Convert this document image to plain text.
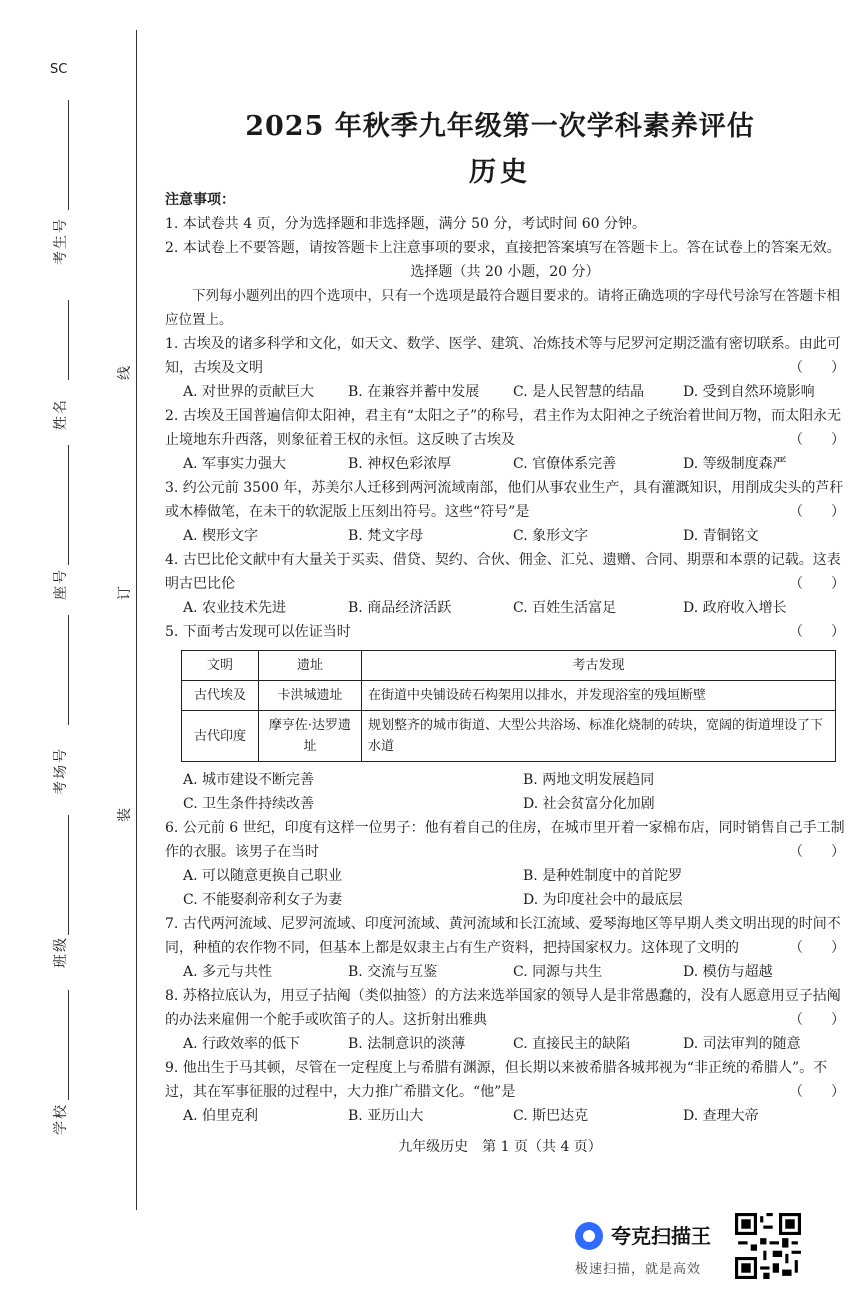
SC
考生号
姓名
座号
考场号
班级
学校
线
订
装
2025 年秋季九年级第一次学科素养评估
历史

注意事项：

1. 本试卷共 4 页，分为选择题和非选择题，满分 50 分，考试时间 60 分钟。

2. 本试卷上不要答题，请按答题卡上注意事项的要求，直接把答案填写在答题卡上。答在试卷上的答案无效。

选择题（共 20 小题，20 分）

下列每小题列出的四个选项中，只有一个选项是最符合题目要求的。请将正确选项的字母代号涂写在答题卡相应位置上。

1. 古埃及的诸多科学和文化，如天文、数学、医学、建筑、冶炼技术等与尼罗河定期泛滥有密切联系。由此可知，古埃及文明	（　　）
A. 对世界的贡献巨大	B. 在兼容并蓄中发展	C. 是人民智慧的结晶	D. 受到自然环境影响
2. 古埃及王国普遍信仰太阳神，君主有“太阳之子”的称号，君主作为太阳神之子统治着世间万物，而太阳永无止境地东升西落，则象征着王权的永恒。这反映了古埃及	（　　）
A. 军事实力强大	B. 神权色彩浓厚	C. 官僚体系完善	D. 等级制度森严
3. 约公元前 3500 年，苏美尔人迁移到两河流域南部，他们从事农业生产，具有灌溉知识，用削成尖头的芦秆或木棒做笔，在未干的软泥版上压刻出符号。这些“符号”是	（　　）
A. 楔形文字	B. 梵文字母	C. 象形文字	D. 青铜铭文
4. 古巴比伦文献中有大量关于买卖、借贷、契约、合伙、佣金、汇兑、遗赠、合同、期票和本票的记载。这表明古巴比伦	（　　）
A. 农业技术先进	B. 商品经济活跃	C. 百姓生活富足	D. 政府收入增长
5. 下面考古发现可以佐证当时	（　　）
文明	遗址	考古发现
古代埃及	卡洪城遗址	在街道中央铺设砖石构架用以排水，并发现浴室的残垣断壁
古代印度	摩亨佐·达罗遗址	规划整齐的城市街道、大型公共浴场、标准化烧制的砖块，宽阔的街道埋设了下水道
A. 城市建设不断完善	B. 两地文明发展趋同
C. 卫生条件持续改善	D. 社会贫富分化加剧
6. 公元前 6 世纪，印度有这样一位男子：他有着自己的住房，在城市里开着一家棉布店，同时销售自己手工制作的衣服。该男子在当时	（　　）
A. 可以随意更换自己职业	B. 是种姓制度中的首陀罗
C. 不能娶刹帝利女子为妻	D. 为印度社会中的最底层
7. 古代两河流域、尼罗河流域、印度河流域、黄河流域和长江流域、爱琴海地区等早期人类文明出现的时间不同，种植的农作物不同，但基本上都是奴隶主占有生产资料，把持国家权力。这体现了文明的	（　　）
A. 多元与共性	B. 交流与互鉴	C. 同源与共生	D. 模仿与超越
8. 苏格拉底认为，用豆子拈阄（类似抽签）的方法来选举国家的领导人是非常愚蠢的，没有人愿意用豆子拈阄的办法来雇佣一个舵手或吹笛子的人。这折射出雅典	（　　）
A. 行政效率的低下	B. 法制意识的淡薄	C. 直接民主的缺陷	D. 司法审判的随意
9. 他出生于马其顿，尽管在一定程度上与希腊有渊源，但长期以来被希腊各城邦视为“非正统的希腊人”。不过，其在军事征服的过程中，大力推广希腊文化。“他”是	（　　）
A. 伯里克利	B. 亚历山大	C. 斯巴达克	D. 查理大帝
九年级历史　第 1 页（共 4 页）
夸克扫描王
极速扫描，就是高效
